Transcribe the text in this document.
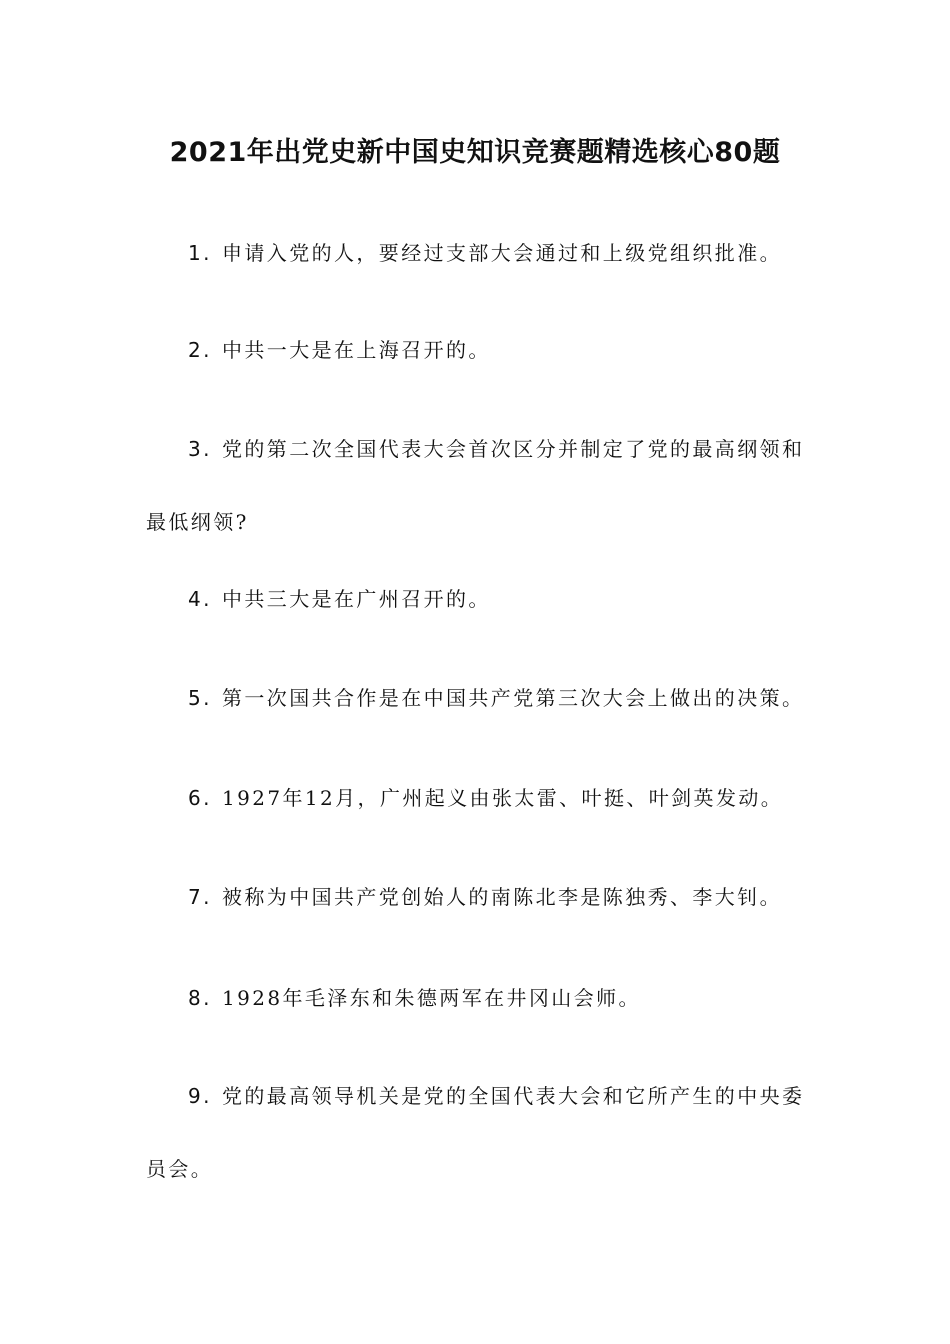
2021年出党史新中国史知识竞赛题精选核心80题
1. 申请入党的人，要经过支部大会通过和上级党组织批准。
2. 中共一大是在上海召开的。
3. 党的第二次全国代表大会首次区分并制定了党的最高纲领和
最低纲领?
4. 中共三大是在广州召开的。
5. 第一次国共合作是在中国共产党第三次大会上做出的决策。
6. 1927年12月，广州起义由张太雷、叶挺、叶剑英发动。
7. 被称为中国共产党创始人的南陈北李是陈独秀、李大钊。
8. 1928年毛泽东和朱德两军在井冈山会师。
9. 党的最高领导机关是党的全国代表大会和它所产生的中央委
员会。
